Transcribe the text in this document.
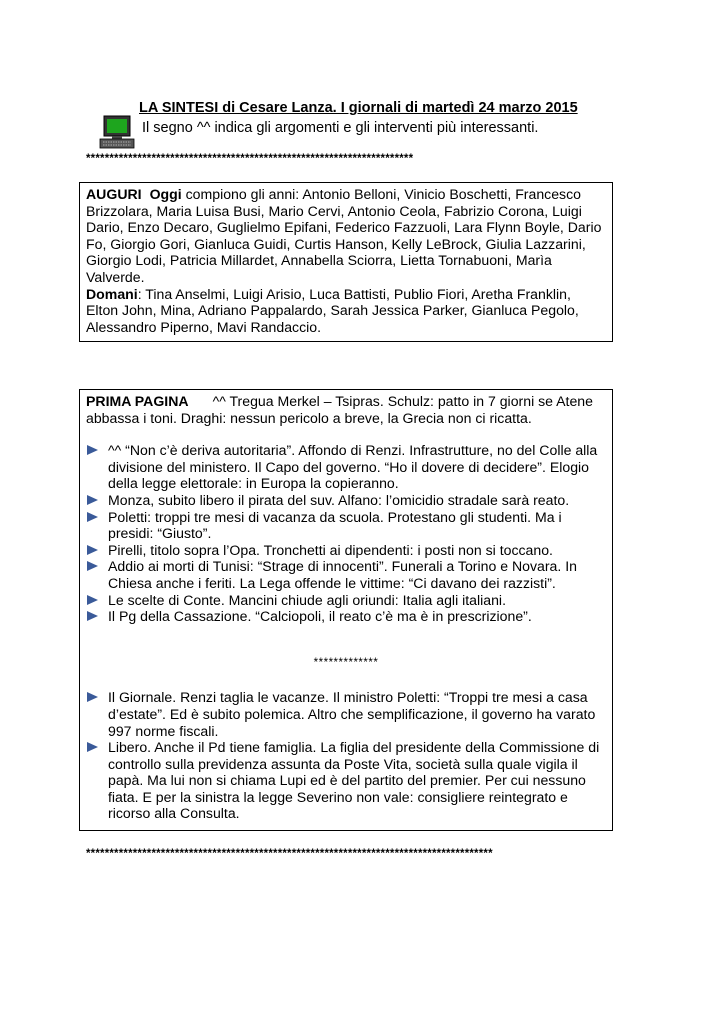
LA SINTESI di Cesare Lanza. I giornali di martedì 24 marzo 2015
Il segno ^^ indica gli argomenti e gli interventi più interessanti.
**********************************************************************

AUGURI Oggi compiono gli anni: Antonio Belloni, Vinicio Boschetti, Francesco Brizzolara, Maria Luisa Busi, Mario Cervi, Antonio Ceola, Fabrizio Corona, Luigi Dario, Enzo Decaro, Guglielmo Epifani, Federico Fazzuoli, Lara Flynn Boyle, Dario Fo, Giorgio Gori, Gianluca Guidi, Curtis Hanson, Kelly LeBrock, Giulia Lazzarini, Giorgio Lodi, Patricia Millardet, Annabella Sciorra, Lietta Tornabuoni, Marìa Valverde.

Domani: Tina Anselmi, Luigi Arisio, Luca Battisti, Publio Fiori, Aretha Franklin, Elton John, Mina, Adriano Pappalardo, Sarah Jessica Parker, Gianluca Pegolo, Alessandro Piperno, Mavi Randaccio.

PRIMA PAGINA ^^ Tregua Merkel – Tsipras. Schulz: patto in 7 giorni se Atene abbassa i toni. Draghi: nessun pericolo a breve, la Grecia non ci ricatta.

^^ “Non c’è deriva autoritaria”. Affondo di Renzi. Infrastrutture, no del Colle alla divisione del ministero. Il Capo del governo. “Ho il dovere di decidere”. Elogio della legge elettorale: in Europa la copieranno.
Monza, subito libero il pirata del suv. Alfano: l’omicidio stradale sarà reato.
Poletti: troppi tre mesi di vacanza da scuola. Protestano gli studenti. Ma i presidi: “Giusto”.
Pirelli, titolo sopra l’Opa. Tronchetti ai dipendenti: i posti non si toccano.
Addio ai morti di Tunisi: “Strage di innocenti”. Funerali a Torino e Novara. In Chiesa anche i feriti. La Lega offende le vittime: “Ci davano dei razzisti”.
Le scelte di Conte. Mancini chiude agli oriundi: Italia agli italiani.
Il Pg della Cassazione. “Calciopoli, il reato c’è ma è in prescrizione”.
*************
Il Giornale. Renzi taglia le vacanze. Il ministro Poletti: “Troppi tre mesi a casa d’estate”. Ed è subito polemica. Altro che semplificazione, il governo ha varato 997 norme fiscali.
Libero. Anche il Pd tiene famiglia. La figlia del presidente della Commissione di controllo sulla previdenza assunta da Poste Vita, società sulla quale vigila il papà. Ma lui non si chiama Lupi ed è del partito del premier. Per cui nessuno fiata. E per la sinistra la legge Severino non vale: consigliere reintegrato e ricorso alla Consulta.
***************************************************************************************
